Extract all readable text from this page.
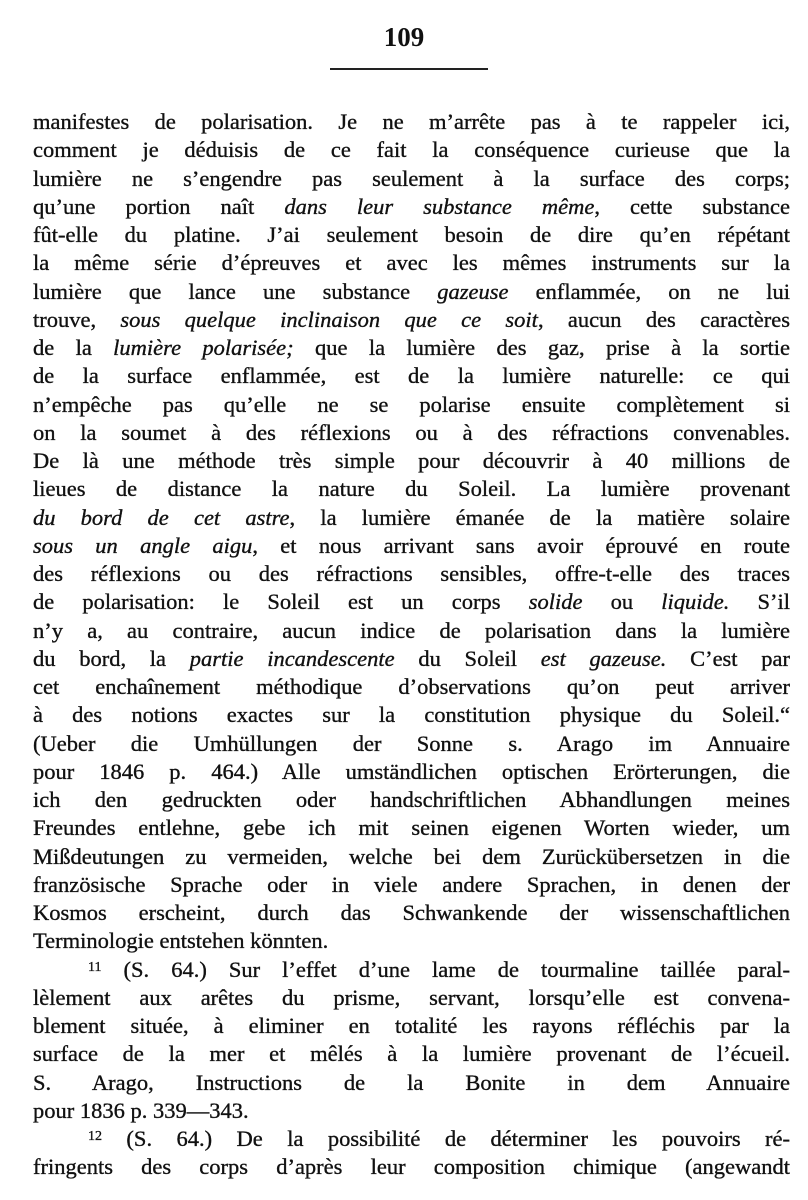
109
manifestes de polarisation. Je ne m’arrête pas à te rappeler ici,
comment je déduisis de ce fait la conséquence curieuse que la
lumière ne s’engendre pas seulement à la surface des corps;
qu’une portion naît dans leur substance même, cette substance
fût-elle du platine. J’ai seulement besoin de dire qu’en répétant
la même série d’épreuves et avec les mêmes instruments sur la
lumière que lance une substance gazeuse enflammée, on ne lui
trouve, sous quelque inclinaison que ce soit, aucun des caractères
de la lumière polarisée; que la lumière des gaz, prise à la sortie
de la surface enflammée, est de la lumière naturelle: ce qui
n’empêche pas qu’elle ne se polarise ensuite complètement si
on la soumet à des réflexions ou à des réfractions convenables.
De là une méthode très simple pour découvrir à 40 millions de
lieues de distance la nature du Soleil. La lumière provenant
du bord de cet astre, la lumière émanée de la matière solaire
sous un angle aigu, et nous arrivant sans avoir éprouvé en route
des réflexions ou des réfractions sensibles, offre-t-elle des traces
de polarisation: le Soleil est un corps solide ou liquide. S’il
n’y a, au contraire, aucun indice de polarisation dans la lumière
du bord, la partie incandescente du Soleil est gazeuse. C’est par
cet enchaînement méthodique d’observations qu’on peut arriver
à des notions exactes sur la constitution physique du Soleil.“
(Ueber die Umhüllungen der Sonne s. Arago im Annuaire
pour 1846 p. 464.) Alle umständlichen optischen Erörterungen, die
ich den gedruckten oder handschriftlichen Abhandlungen meines
Freundes entlehne, gebe ich mit seinen eigenen Worten wieder, um
Mißdeutungen zu vermeiden, welche bei dem Zurückübersetzen in die
französische Sprache oder in viele andere Sprachen, in denen der
Kosmos erscheint, durch das Schwankende der wissenschaftlichen
Terminologie entstehen könnten.
$^{11}$ (S. 64.) Sur l’effet d’une lame de tourmaline taillée paral-
lèlement aux arêtes du prisme, servant, lorsqu’elle est convena-
blement située, à eliminer en totalité les rayons réfléchis par la
surface de la mer et mêlés à la lumière provenant de l’écueil.
S. Arago, Instructions de la Bonite in dem Annuaire
pour 1836 p. 339—343.
$^{12}$ (S. 64.) De la possibilité de déterminer les pouvoirs ré-
fringents des corps d’après leur composition chimique (angewandt
